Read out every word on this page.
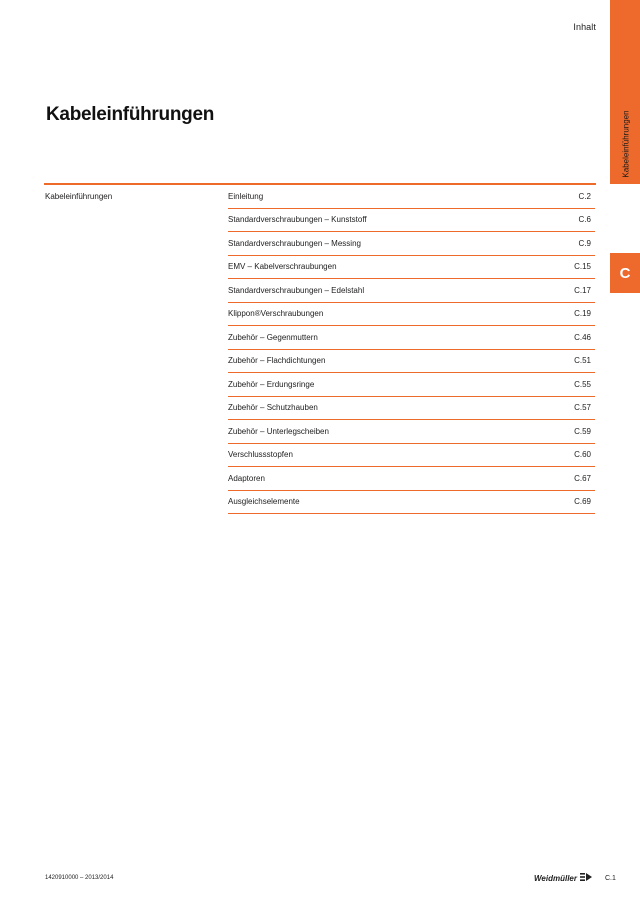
Inhalt
Kabeleinführungen
C
Kabeleinführungen
Kabeleinführungen	Einleitung	C.2
Standardverschraubungen – Kunststoff	C.6
Standardverschraubungen – Messing	C.9
EMV – Kabelverschraubungen	C.15
Standardverschraubungen – Edelstahl	C.17
Klippon®Verschraubungen	C.19
Zubehör – Gegenmuttern	C.46
Zubehör – Flachdichtungen	C.51
Zubehör – Erdungsringe	C.55
Zubehör – Schutzhauben	C.57
Zubehör – Unterlegscheiben	C.59
Verschlussstopfen	C.60
Adaptoren	C.67
Ausgleichselemente	C.69
1420910000 – 2013/2014	Weidmüller	C.1
